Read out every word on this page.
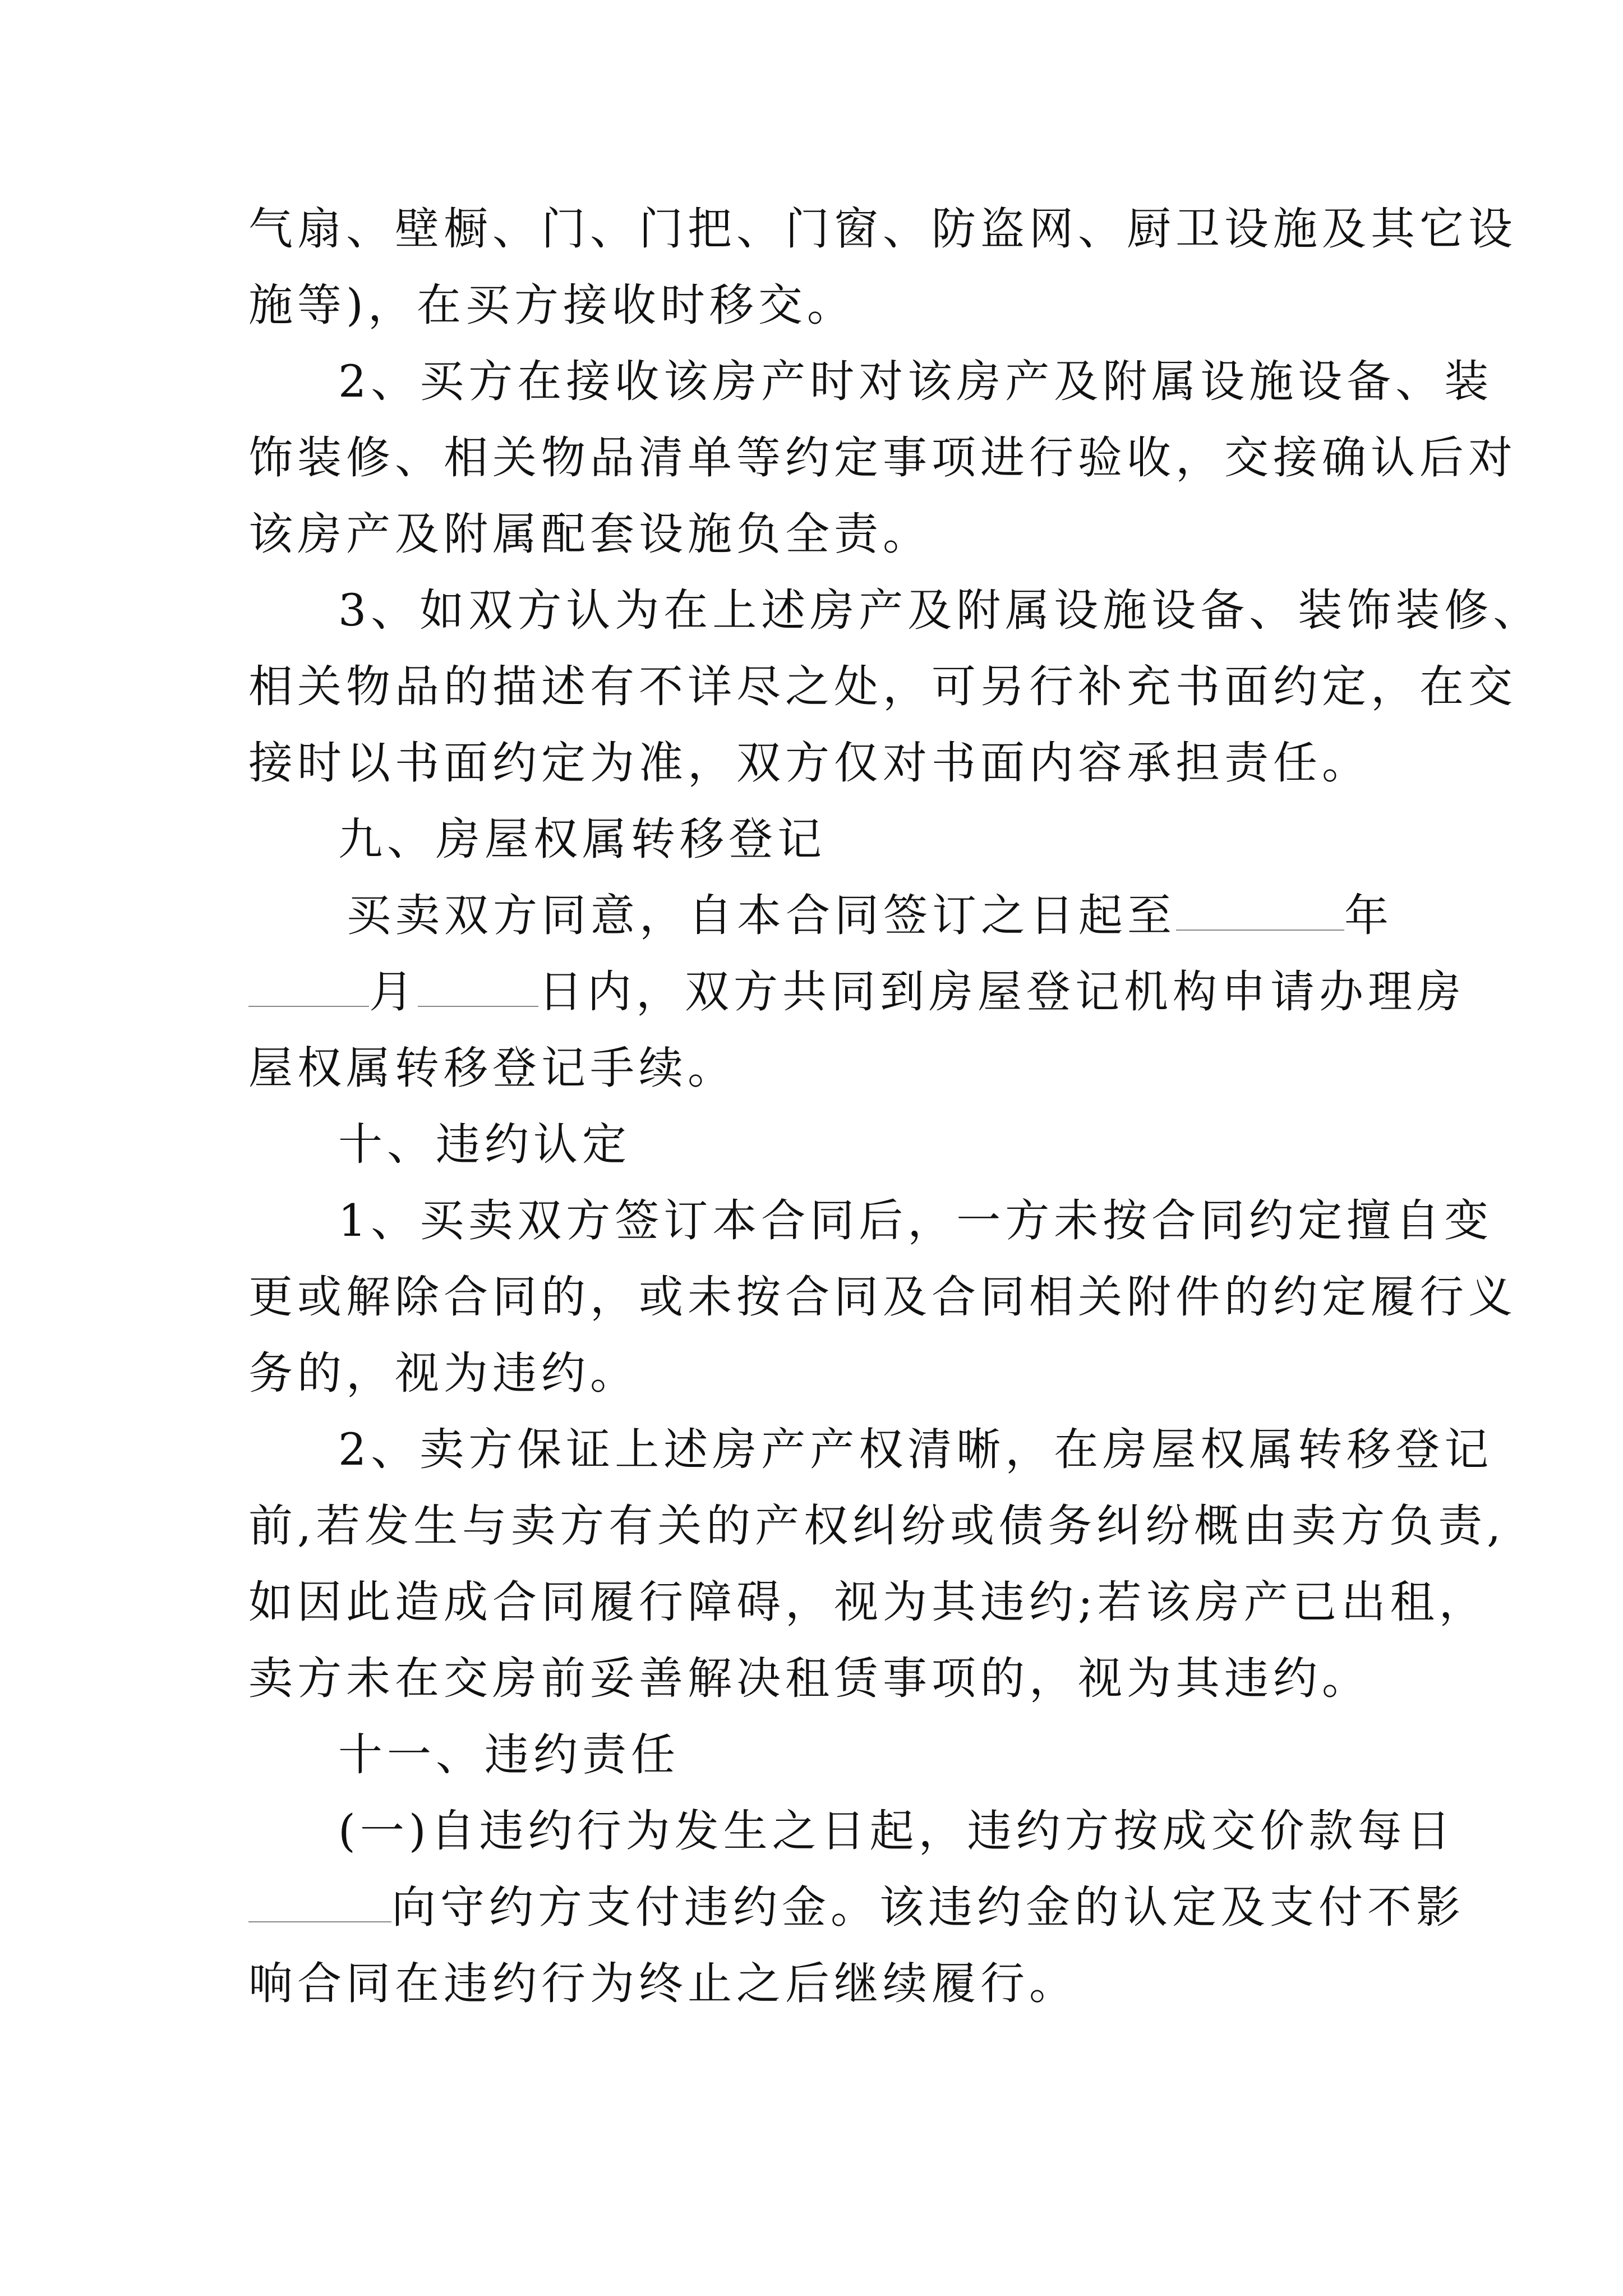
气扇、壁橱、门、门把、门窗、防盗网、厨卫设施及其它设
施等)，在买方接收时移交。
2、买方在接收该房产时对该房产及附属设施设备、装
饰装修、相关物品清单等约定事项进行验收，交接确认后对
该房产及附属配套设施负全责。
3、如双方认为在上述房产及附属设施设备、装饰装修、
相关物品的描述有不详尽之处，可另行补充书面约定，在交
接时以书面约定为准，双方仅对书面内容承担责任。
九、房屋权属转移登记
买卖双方同意，自本合同签订之日起至	年
月	日内，双方共同到房屋登记机构申请办理房
屋权属转移登记手续。
十、违约认定
1、买卖双方签订本合同后，一方未按合同约定擅自变
更或解除合同的，或未按合同及合同相关附件的约定履行义
务的，视为违约。
2、卖方保证上述房产产权清晰，在房屋权属转移登记
前,若发生与卖方有关的产权纠纷或债务纠纷概由卖方负责,
如因此造成合同履行障碍，视为其违约;若该房产已出租，
卖方未在交房前妥善解决租赁事项的，视为其违约。
十一、违约责任
(一)自违约行为发生之日起，违约方按成交价款每日
向守约方支付违约金。该违约金的认定及支付不影
响合同在违约行为终止之后继续履行。
